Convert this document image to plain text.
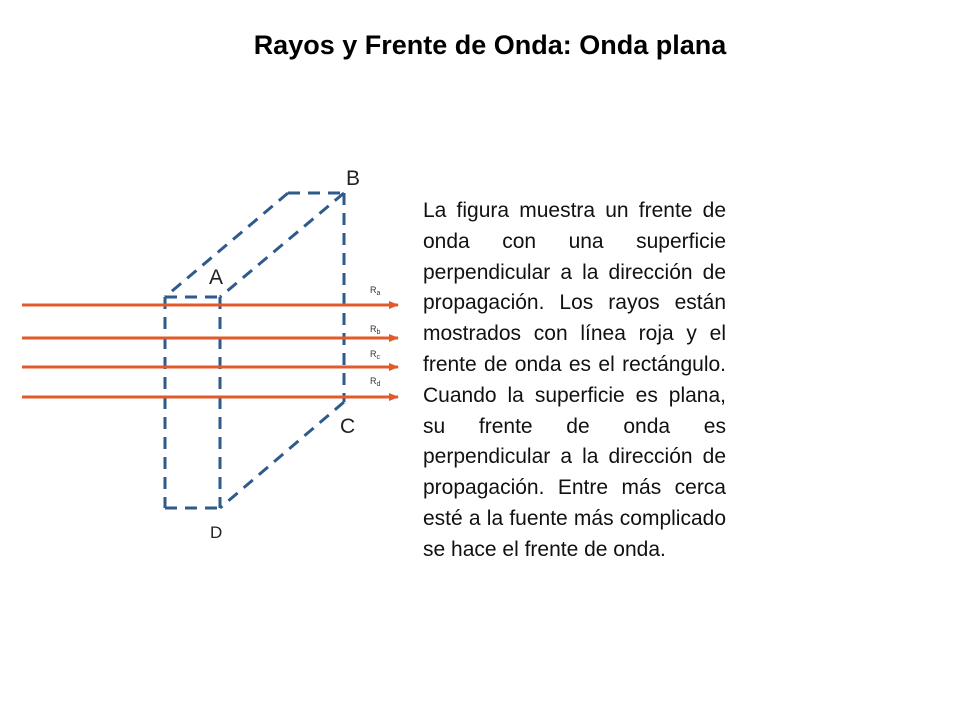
Rayos y Frente de Onda: Onda plana
B
A
C
D
$R_a$
$R_b$
$R_c$
$R_d$

La figura muestra un frente de onda con una superficie perpendicular a la dirección de propagación. Los rayos están mostrados con línea roja y el frente de onda es el rectángulo. Cuando la superficie es plana, su frente de onda es perpendicular a la dirección de propagación. Entre más cerca esté a la fuente más complicado se hace el frente de onda.
